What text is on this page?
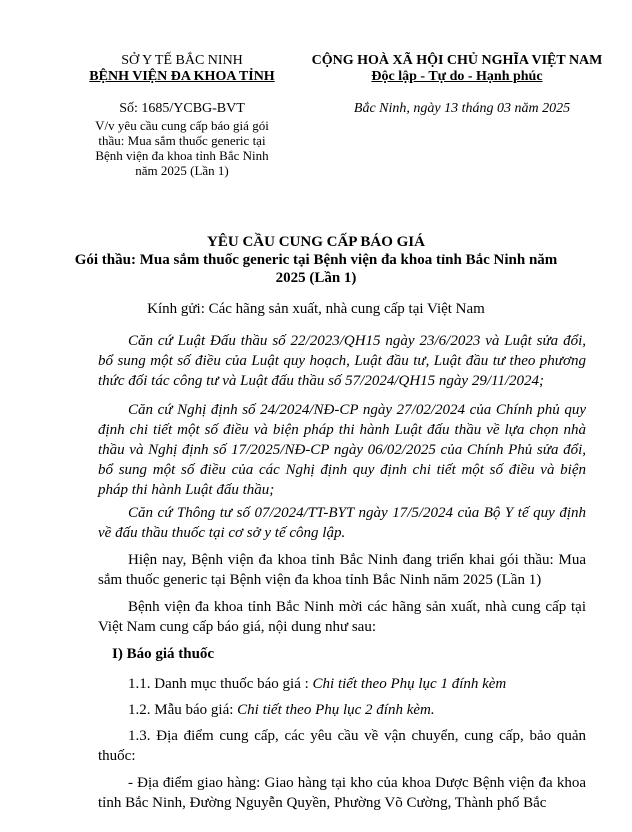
SỞ Y TẾ BẮC NINH
BỆNH VIỆN ĐA KHOA TỈNH
CỘNG HOÀ XÃ HỘI CHỦ NGHĨA VIỆT NAM
Độc lập - Tự do - Hạnh phúc
Số: 1685/YCBG-BVT
V/v yêu cầu cung cấp báo giá gói
thầu: Mua sắm thuốc generic tại
Bệnh viện đa khoa tỉnh Bắc Ninh
năm 2025 (Lần 1)
Bắc Ninh, ngày 13 tháng 03 năm 2025
YÊU CẦU CUNG CẤP BÁO GIÁ
Gói thầu: Mua sắm thuốc generic tại Bệnh viện đa khoa tỉnh Bắc Ninh năm
2025 (Lần 1)
Kính gửi: Các hãng sản xuất, nhà cung cấp tại Việt Nam
Căn cứ Luật Đấu thầu số 22/2023/QH15 ngày 23/6/2023 và Luật sửa đổi, bổ sung một số điều của Luật quy hoạch, Luật đầu tư, Luật đầu tư theo phương thức đối tác công tư và Luật đấu thầu số 57/2024/QH15 ngày 29/11/2024;
Căn cứ Nghị định số 24/2024/NĐ-CP ngày 27/02/2024 của Chính phủ quy định chi tiết một số điều và biện pháp thi hành Luật đấu thầu về lựa chọn nhà thầu và Nghị định số 17/2025/NĐ-CP ngày 06/02/2025 của Chính Phủ sửa đổi, bổ sung một số điều của các Nghị định quy định chi tiết một số điều và biện pháp thi hành Luật đấu thầu;
Căn cứ Thông tư số 07/2024/TT-BYT ngày 17/5/2024 của Bộ Y tế quy định về đấu thầu thuốc tại cơ sở y tế công lập.
Hiện nay, Bệnh viện đa khoa tỉnh Bắc Ninh đang triển khai gói thầu: Mua sắm thuốc generic tại Bệnh viện đa khoa tỉnh Bắc Ninh năm 2025 (Lần 1)
Bệnh viện đa khoa tỉnh Bắc Ninh mời các hãng sản xuất, nhà cung cấp tại Việt Nam cung cấp báo giá, nội dung như sau:
I) Báo giá thuốc
1.1. Danh mục thuốc báo giá : Chi tiết theo Phụ lục 1 đính kèm
1.2. Mẫu báo giá: Chi tiết theo Phụ lục 2 đính kèm.
1.3. Địa điểm cung cấp, các yêu cầu về vận chuyển, cung cấp, bảo quản thuốc:
- Địa điểm giao hàng: Giao hàng tại kho của khoa Dược Bệnh viện đa khoa tỉnh Bắc Ninh, Đường Nguyễn Quyền, Phường Võ Cường, Thành phố Bắc
